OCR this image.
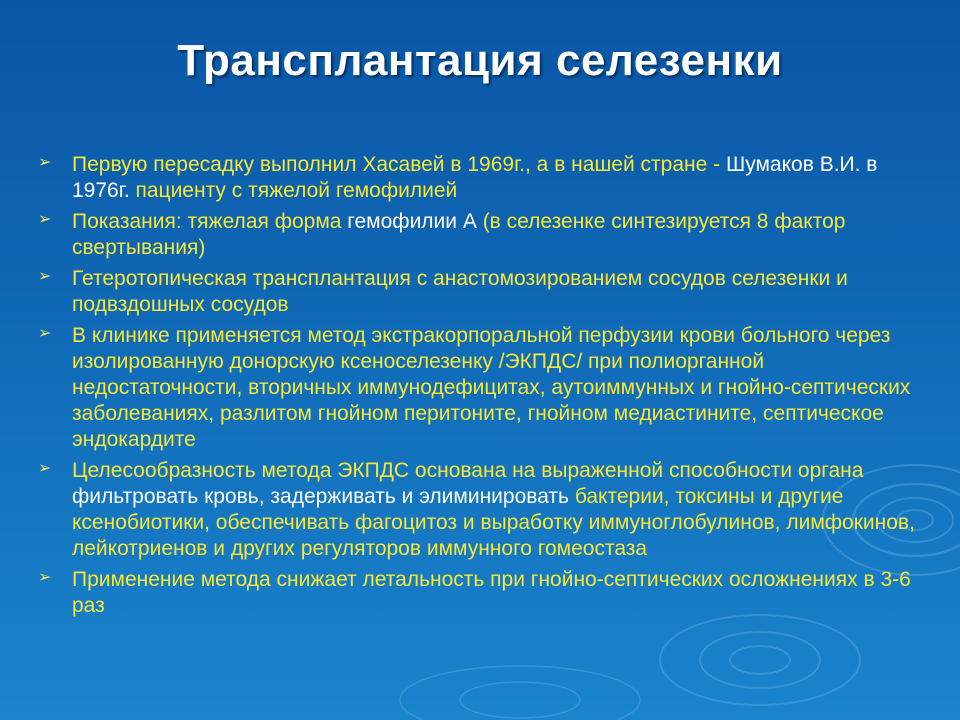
Трансплантация селезенки
➢ Первую пересадку выполнил Хасавей в 1969г., а в нашей стране - Шумаков В.И. в 1976г. пациенту с тяжелой гемофилией
➢ Показания: тяжелая форма гемофилии А (в селезенке синтезируется 8 фактор свертывания)
➢ Гетеротопическая трансплантация с анастомозированием сосудов селезенки и подвздошных сосудов
➢ В клинике применяется метод экстракорпоральной перфузии крови больного через изолированную донорскую ксеноселезенку /ЭКПДС/ при полиорганной недостаточности, вторичных иммунодефицитах, аутоиммунных и гнойно-септических заболеваниях, разлитом гнойном перитоните, гнойном медиастините, септическое эндокардите
➢ Целесообразность метода ЭКПДС основана на выраженной способности органа фильтровать кровь, задерживать и элиминировать бактерии, токсины и другие ксенобиотики, обеспечивать фагоцитоз и выработку иммуноглобулинов, лимфокинов, лейкотриенов и других регуляторов иммунного гомеостаза
➢ Применение метода снижает летальность при гнойно-септических осложнениях в 3-6 раз
